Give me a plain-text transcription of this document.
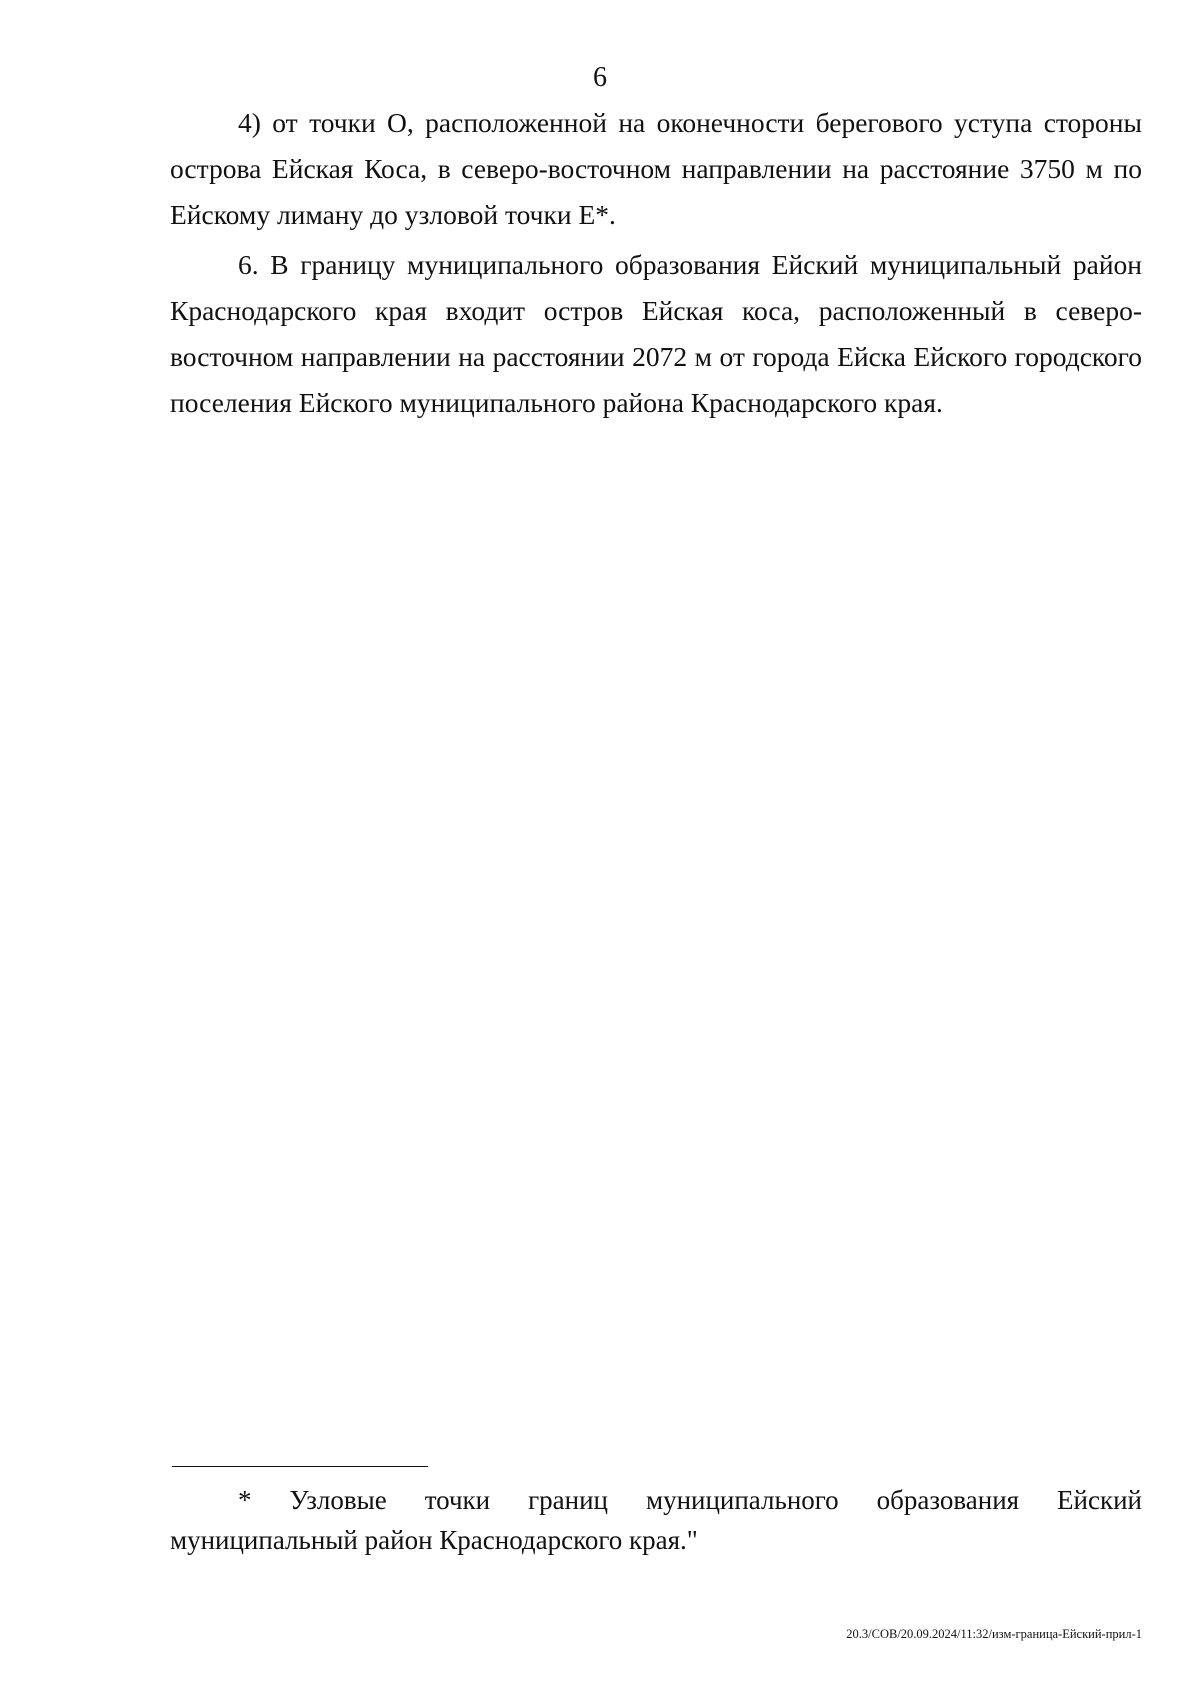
6

4) от точки О, расположенной на оконечности берегового уступа стороны острова Ейская Коса, в северо-восточном направлении на расстояние 3750 м по Ейскому лиману до узловой точки Е*.

6. В границу муниципального образования Ейский муниципальный район Краснодарского края входит остров Ейская коса, расположенный в северо-восточном направлении на расстоянии 2072 м от города Ейска Ейского городского поселения Ейского муниципального района Краснодарского края.

* Узловые точки границ муниципального образования Ейский муниципальный район Краснодарского края."

20.3/СОВ/20.09.2024/11:32/изм-граница-Ейский-прил-1
